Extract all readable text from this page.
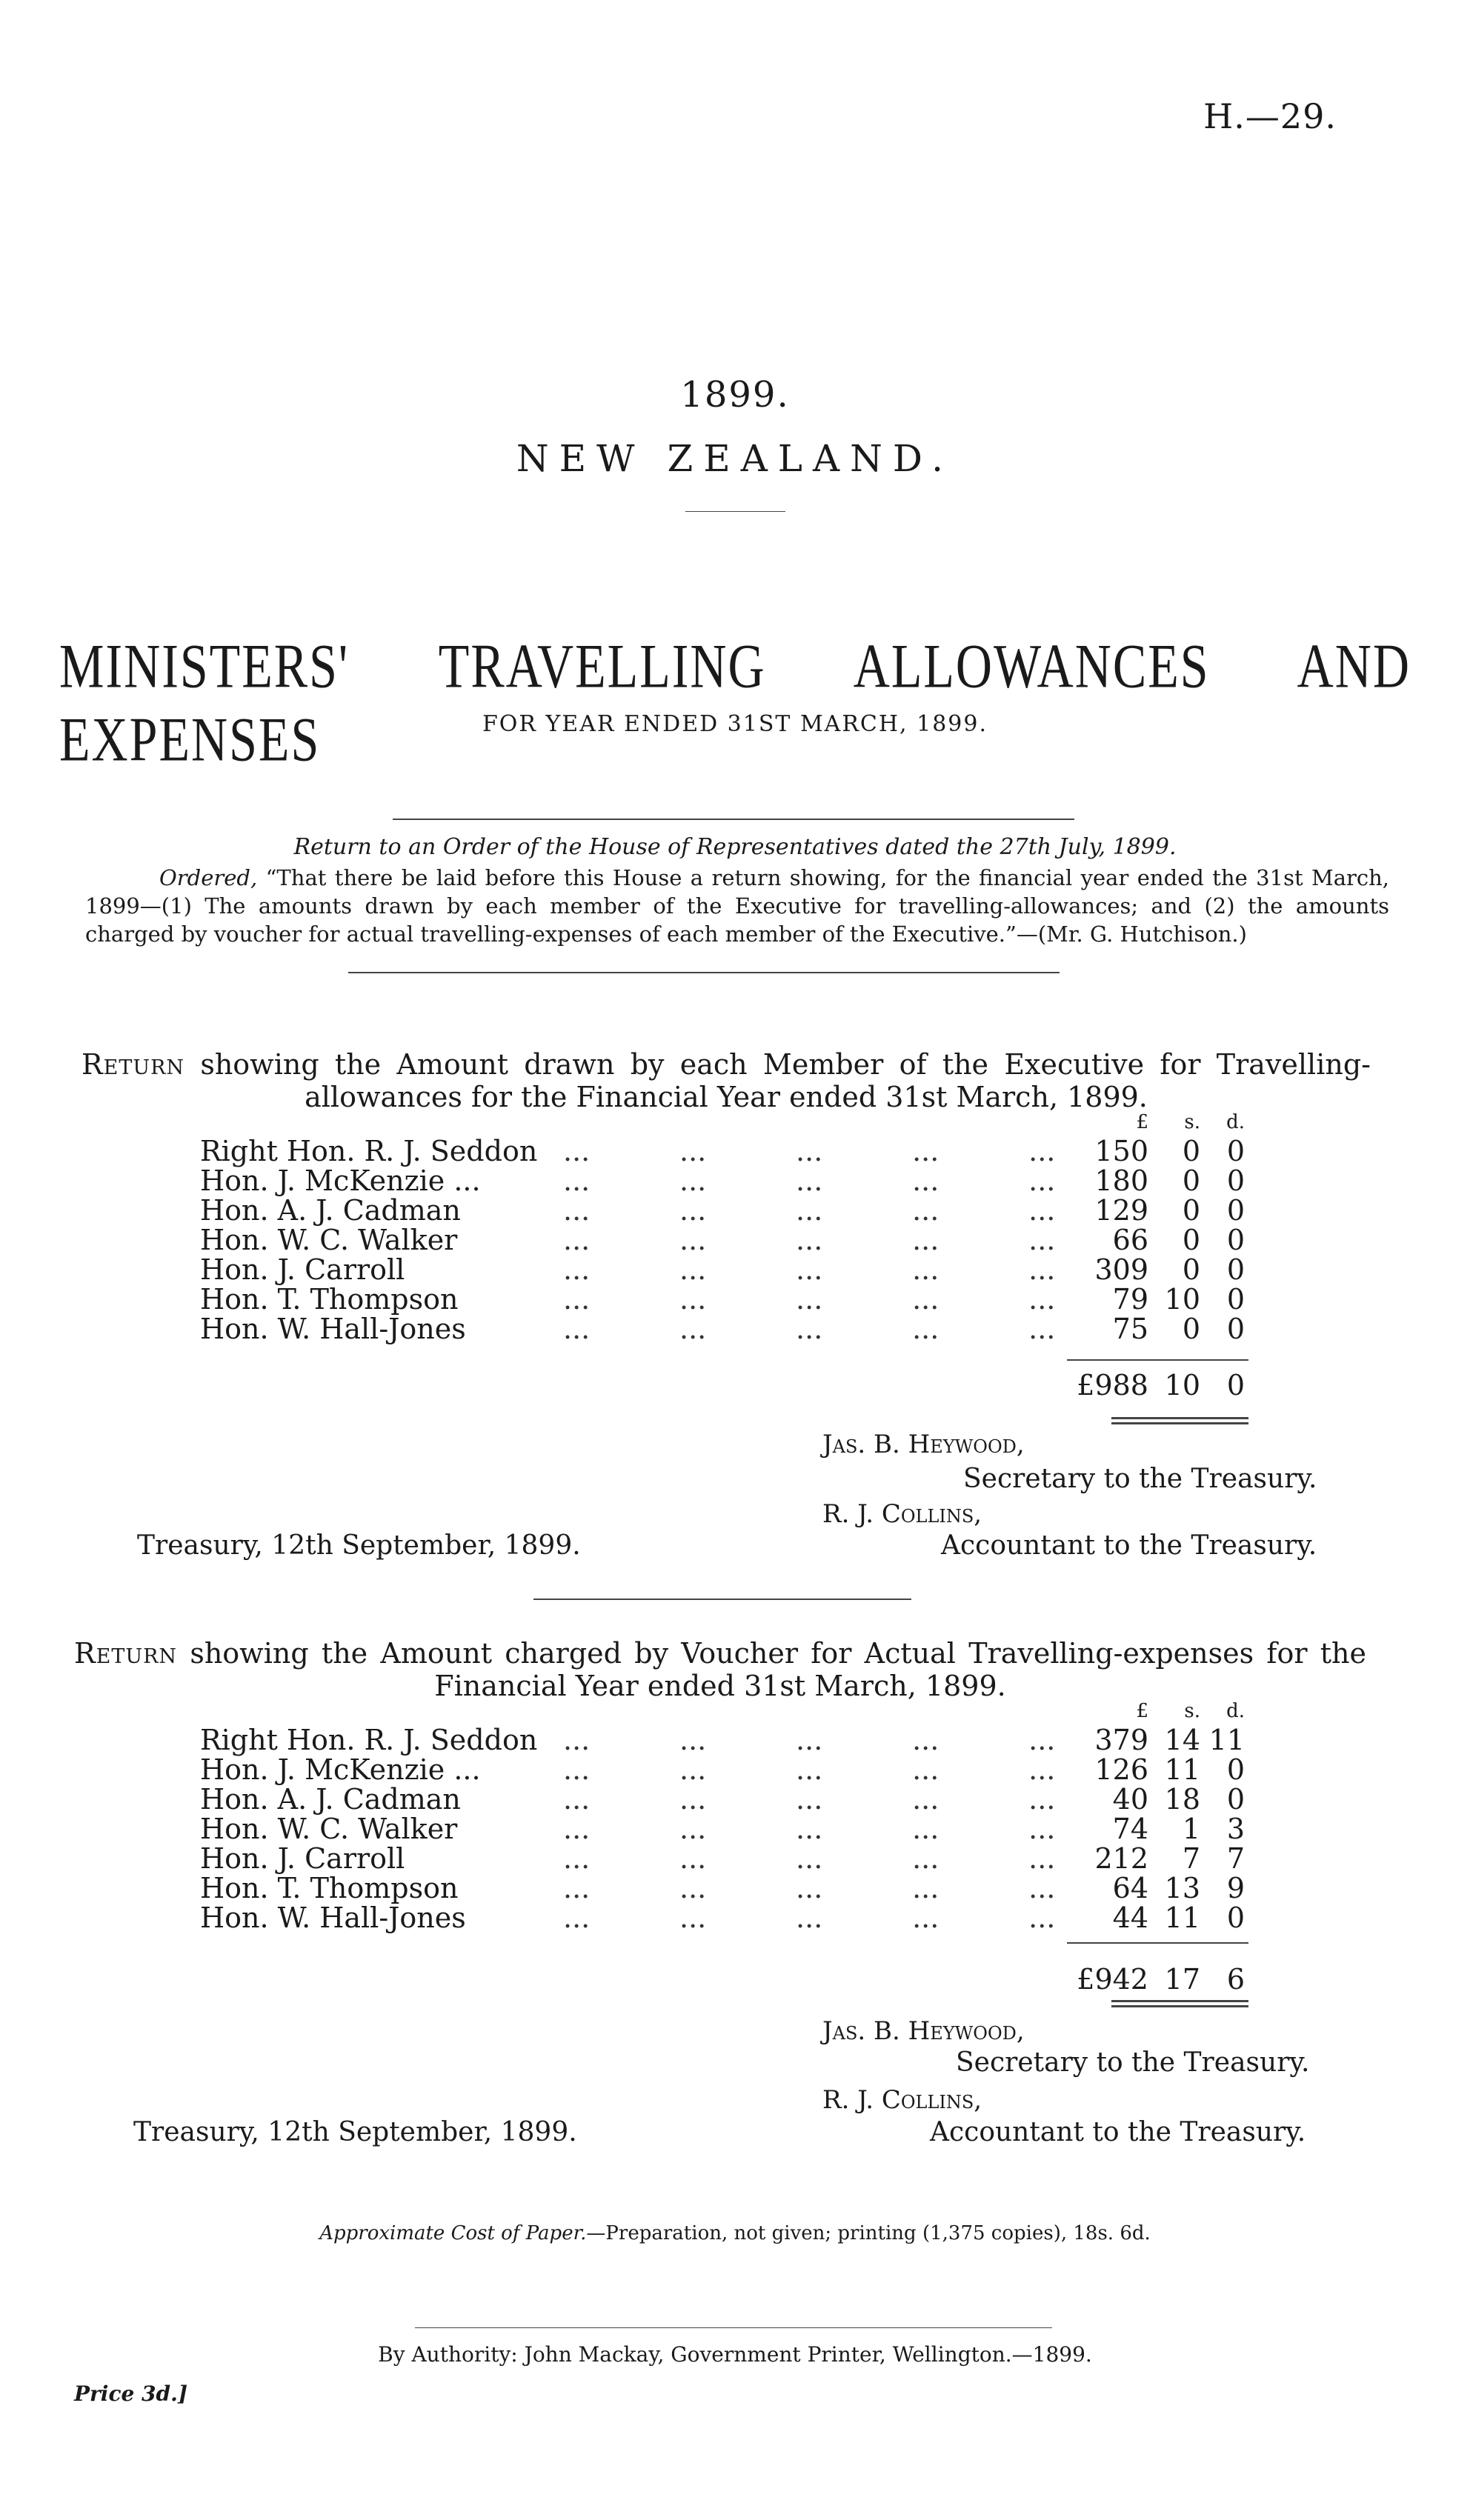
H.—29.
1899.
NEW ZEALAND.
MINISTERS' TRAVELLING ALLOWANCES AND EXPENSES	FOR YEAR ENDED 31ST MARCH, 1899.
Return to an Order of the House of Representatives dated the 27th July, 1899.
Ordered, “That there be laid before this House a return showing, for the financial year ended the 31st March, 1899—(1) The amounts drawn by each member of the Executive for travelling-allowances; and (2) the amounts charged by voucher for actual travelling-expenses of each member of the Executive.”—(Mr. G. Hutchison.)
Return showing the Amount drawn by each Member of the Executive for Travelling-allowances for the Financial Year ended 31st March, 1899.
£	s.	d.
Right Hon. R. J. Seddon ...          ...          ...          ...          ...	150	0 0
Hon. J. McKenzie ...	...          ...          ...          ...          ...	180	0 0
Hon. A. J. Cadman	...          ...          ...          ...          ...	129	0 0
Hon. W. C. Walker	...          ...          ...          ...          ...	66	0 0
Hon. J. Carroll	...          ...          ...          ...          ...	309	0 0
Hon. T. Thompson	...          ...          ...          ...          ...	79 10 0
Hon. W. Hall-Jones	...          ...          ...          ...          ...	75	0 0
£988 10 0
Jas. B. Heywood,
Secretary to the Treasury.
R. J. Collins,
Treasury, 12th September, 1899.	Accountant to the Treasury.
Return showing the Amount charged by Voucher for Actual Travelling-expenses for the Financial Year ended 31st March, 1899.
£	s.	d.
Right Hon. R. J. Seddon ...          ...          ...          ...          ...	379 14 11
Hon. J. McKenzie ...	...          ...          ...          ...          ...	126 11 0
Hon. A. J. Cadman	...          ...          ...          ...          ...	40 18 0
Hon. W. C. Walker	...          ...          ...          ...          ...	74	1 3
Hon. J. Carroll	...          ...          ...          ...          ...	212	7 7
Hon. T. Thompson	...          ...          ...          ...          ...	64 13 9
Hon. W. Hall-Jones	...          ...          ...          ...          ...	44 11 0
£942 17 6
Jas. B. Heywood,
Secretary to the Treasury.
R. J. Collins,
Treasury, 12th September, 1899.	Accountant to the Treasury.
Approximate Cost of Paper.—Preparation, not given; printing (1,375 copies), 18s. 6d.
By Authority: John Mackay, Government Printer, Wellington.—1899.
Price 3d.]
